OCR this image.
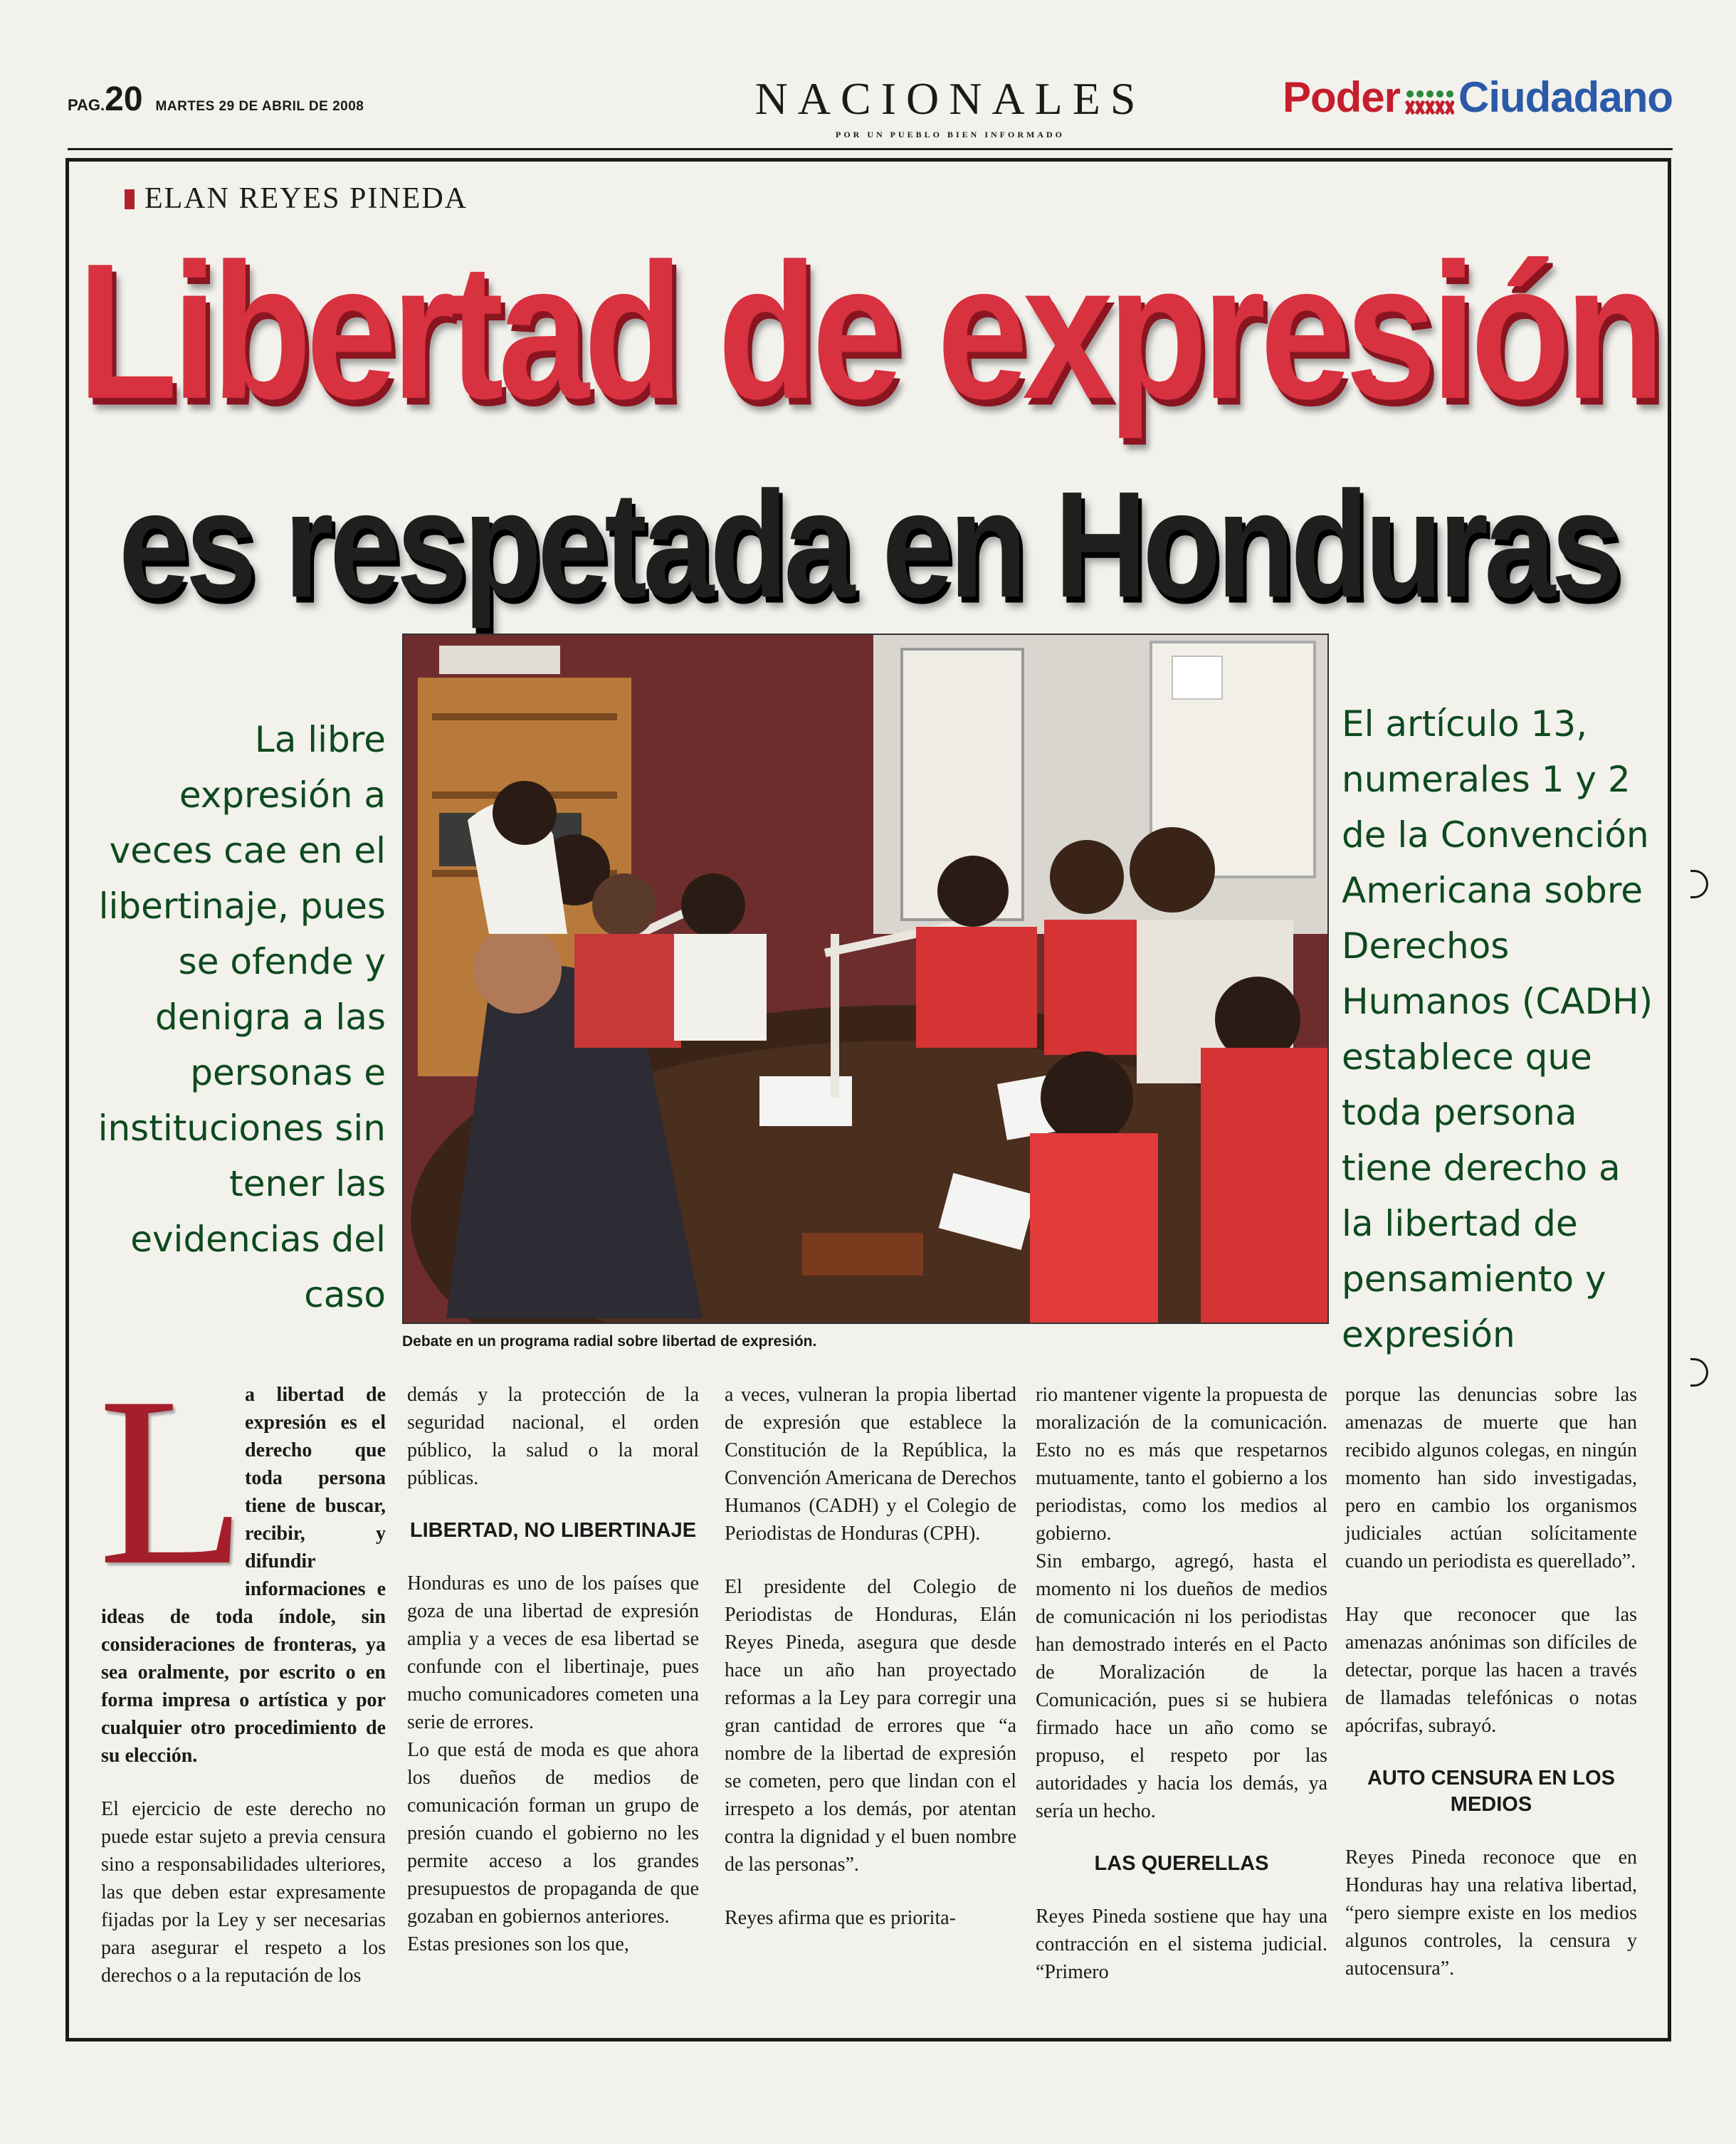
PAG.20 MARTES 29 DE ABRIL DE 2008	NACIONALES
POR UN PUEBLO BIEN INFORMADO
Poder Ciudadano
ELAN REYES PINEDA
Libertad de expresión
es respetada en Honduras
La libre expresión a veces cae en el libertinaje, pues se ofende y denigra a las personas e instituciones sin tener las evidencias del caso
El artículo 13, numerales 1 y 2 de la Convención Americana sobre Derechos Humanos (CADH) establece que toda persona tiene derecho a la libertad de pensamiento y expresión
Debate en un programa radial sobre libertad de expresión.
L

a libertad de expresión es el derecho que toda persona tiene de buscar, recibir, y difundir informaciones e ideas de toda índole, sin consideraciones de fronteras, ya sea oralmente, por escrito o en forma impresa o artística y por cualquier otro procedimiento de su elección.

El ejercicio de este derecho no puede estar sujeto a previa censura sino a responsabilidades ulteriores, las que deben estar expresamente fijadas por la Ley y ser necesarias para asegurar el respeto a los derechos o a la reputación de los

demás y la protección de la seguridad nacional, el orden público, la salud o la moral públicas.

LIBERTAD, NO LIBERTINAJE

Honduras es uno de los países que goza de una libertad de expresión amplia y a veces de esa libertad se confunde con el libertinaje, pues mucho comunicadores cometen una serie de errores.

Lo que está de moda es que ahora los dueños de medios de comunicación forman un grupo de presión cuando el gobierno no les permite acceso a los grandes presupuestos de propaganda de que gozaban en gobiernos anteriores.

Estas presiones son los que,

a veces, vulneran la propia libertad de expresión que establece la Constitución de la República, la Convención Americana de Derechos Humanos (CADH) y el Colegio de Periodistas de Honduras (CPH).

El presidente del Colegio de Periodistas de Honduras, Elán Reyes Pineda, asegura que desde hace un año han proyectado reformas a la Ley para corregir una gran cantidad de errores que “a nombre de la libertad de expresión se cometen, pero que lindan con el irrespeto a los demás, por atentan contra la dignidad y el buen nombre de las personas”.

Reyes afirma que es priorita-

rio mantener vigente la propuesta de moralización de la comunicación. Esto no es más que respetarnos mutuamente, tanto el gobierno a los periodistas, como los medios al gobierno.

Sin embargo, agregó, hasta el momento ni los dueños de medios de comunicación ni los periodistas han demostrado interés en el Pacto de Moralización de la Comunicación, pues si se hubiera firmado hace un año como se propuso, el respeto por las autoridades y hacia los demás, ya sería un hecho.

LAS QUERELLAS

Reyes Pineda sostiene que hay una contracción en el sistema judicial. “Primero

porque las denuncias sobre las amenazas de muerte que han recibido algunos colegas, en ningún momento han sido investigadas, pero en cambio los organismos judiciales actúan solícitamente cuando un periodista es querellado”.

Hay que reconocer que las amenazas anónimas son difíciles de detectar, porque las hacen a través de llamadas telefónicas o notas apócrifas, subrayó.

AUTO CENSURA EN LOS MEDIOS

Reyes Pineda reconoce que en Honduras hay una relativa libertad, “pero siempre existe en los medios algunos controles, la censura y autocensura”.
